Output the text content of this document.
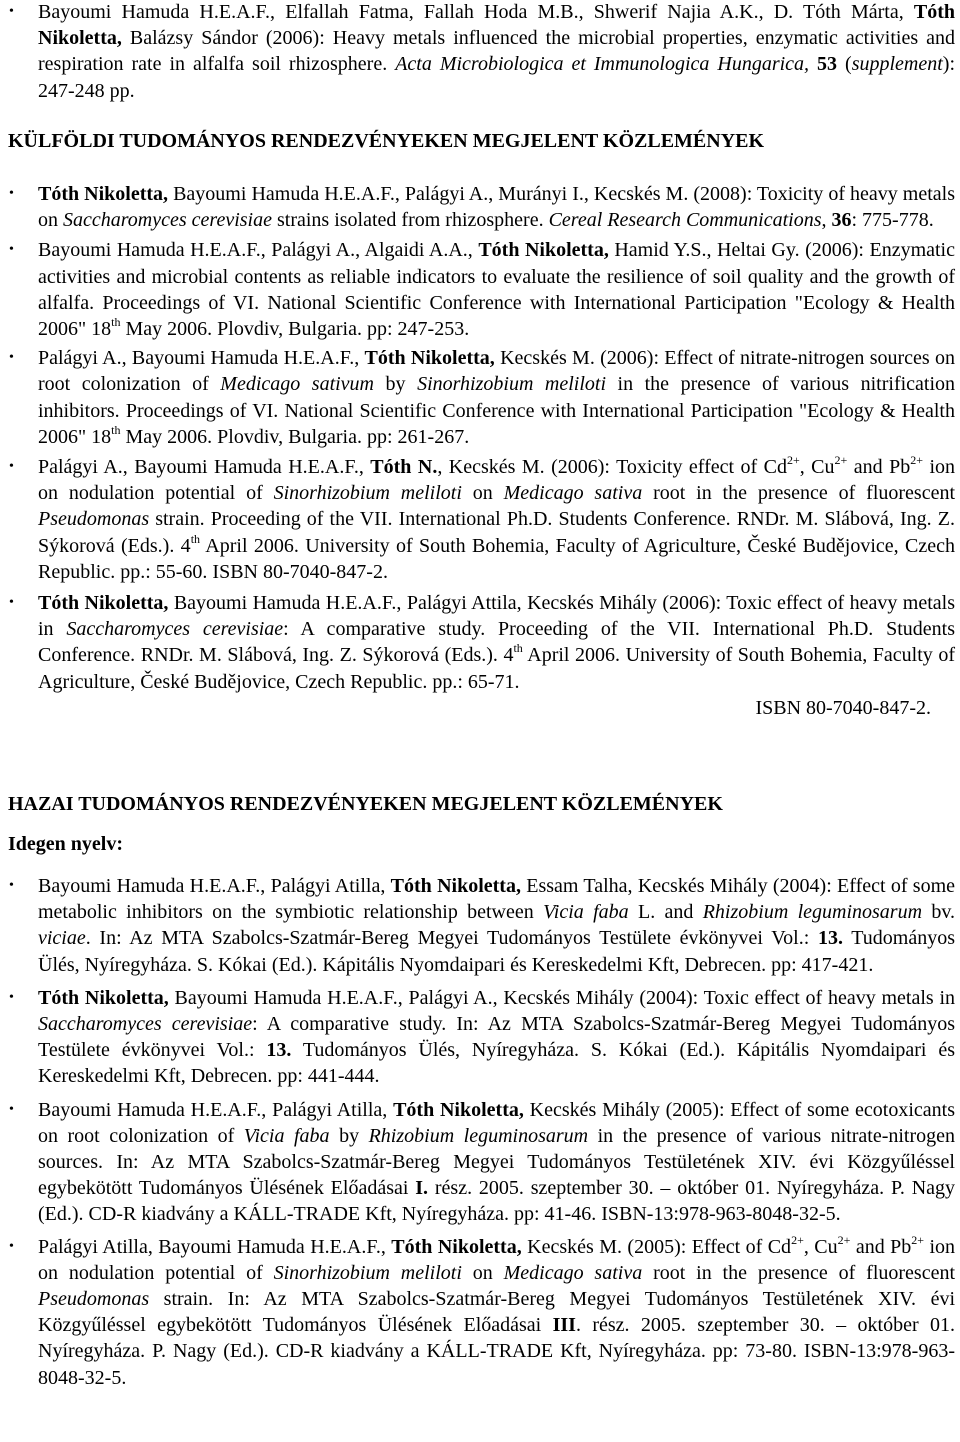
• Bayoumi Hamuda H.E.A.F., Elfallah Fatma, Fallah Hoda M.B., Shwerif Najia A.K., D. Tóth Márta, Tóth Nikoletta, Balázsy Sándor (2006): Heavy metals influenced the microbial properties, enzymatic activities and respiration rate in alfalfa soil rhizosphere. Acta Microbiologica et Immunologica Hungarica, 53 (supplement): 247-248 pp.

KÜLFÖLDI TUDOMÁNYOS RENDEZVÉNYEKEN MEGJELENT KÖZLEMÉNYEK
• Tóth Nikoletta, Bayoumi Hamuda H.E.A.F., Palágyi A., Murányi I., Kecskés M. (2008): Toxicity of heavy metals on Saccharomyces cerevisiae strains isolated from rhizosphere. Cereal Research Communications, 36: 775-778.
• Bayoumi Hamuda H.E.A.F., Palágyi A., Algaidi A.A., Tóth Nikoletta, Hamid Y.S., Heltai Gy. (2006): Enzymatic activities and microbial contents as reliable indicators to evaluate the resilience of soil quality and the growth of alfalfa. Proceedings of VI. National Scientific Conference with International Participation "Ecology & Health 2006" 18th May 2006. Plovdiv, Bulgaria. pp: 247-253.
• Palágyi A., Bayoumi Hamuda H.E.A.F., Tóth Nikoletta, Kecskés M. (2006): Effect of nitrate-nitrogen sources on root colonization of Medicago sativum by Sinorhizobium meliloti in the presence of various nitrification inhibitors. Proceedings of VI. National Scientific Conference with International Participation "Ecology & Health 2006" 18th May 2006. Plovdiv, Bulgaria. pp: 261-267.
• Palágyi A., Bayoumi Hamuda H.E.A.F., Tóth N., Kecskés M. (2006): Toxicity effect of $Cd^{2+}$, $Cu^{2+}$ and $Pb^{2+}$ ion on nodulation potential of Sinorhizobium meliloti on Medicago sativa root in the presence of fluorescent Pseudomonas strain. Proceeding of the VII. International Ph.D. Students Conference. RNDr. M. Slábová, Ing. Z. Sýkorová (Eds.). 4th April 2006. University of South Bohemia, Faculty of Agriculture, České Budějovice, Czech Republic. pp.: 55-60. ISBN 80-7040-847-2.
• Tóth Nikoletta, Bayoumi Hamuda H.E.A.F., Palágyi Attila, Kecskés Mihály (2006): Toxic effect of heavy metals in Saccharomyces cerevisiae: A comparative study. Proceeding of the VII. International Ph.D. Students Conference. RNDr. M. Slábová, Ing. Z. Sýkorová (Eds.). 4th April 2006. University of South Bohemia, Faculty of Agriculture, České Budějovice, Czech Republic. pp.: 65-71.
ISBN 80-7040-847-2.
HAZAI TUDOMÁNYOS RENDEZVÉNYEKEN MEGJELENT KÖZLEMÉNYEK
Idegen nyelv:
• Bayoumi Hamuda H.E.A.F., Palágyi Atilla, Tóth Nikoletta, Essam Talha, Kecskés Mihály (2004): Effect of some metabolic inhibitors on the symbiotic relationship between Vicia faba L. and Rhizobium leguminosarum bv. viciae. In: Az MTA Szabolcs-Szatmár-Bereg Megyei Tudományos Testülete évkönyvei Vol.: 13. Tudományos Ülés, Nyíregyháza. S. Kókai (Ed.). Kápitális Nyomdaipari és Kereskedelmi Kft, Debrecen. pp: 417-421.
• Tóth Nikoletta, Bayoumi Hamuda H.E.A.F., Palágyi A., Kecskés Mihály (2004): Toxic effect of heavy metals in Saccharomyces cerevisiae: A comparative study. In: Az MTA Szabolcs-Szatmár-Bereg Megyei Tudományos Testülete évkönyvei Vol.: 13. Tudományos Ülés, Nyíregyháza. S. Kókai (Ed.). Kápitális Nyomdaipari és Kereskedelmi Kft, Debrecen. pp: 441-444.
• Bayoumi Hamuda H.E.A.F., Palágyi Atilla, Tóth Nikoletta, Kecskés Mihály (2005): Effect of some ecotoxicants on root colonization of Vicia faba by Rhizobium leguminosarum in the presence of various nitrate-nitrogen sources. In: Az MTA Szabolcs-Szatmár-Bereg Megyei Tudományos Testületének XIV. évi Közgyűléssel egybekötött Tudományos Ülésének Előadásai I. rész. 2005. szeptember 30. – október 01. Nyíregyháza. P. Nagy (Ed.). CD-R kiadvány a KÁLL-TRADE Kft, Nyíregyháza. pp: 41-46. ISBN-13:978-963-8048-32-5.
• Palágyi Atilla, Bayoumi Hamuda H.E.A.F., Tóth Nikoletta, Kecskés M. (2005): Effect of $Cd^{2+}$, $Cu^{2+}$ and $Pb^{2+}$ ion on nodulation potential of Sinorhizobium meliloti on Medicago sativa root in the presence of fluorescent Pseudomonas strain. In: Az MTA Szabolcs-Szatmár-Bereg Megyei Tudományos Testületének XIV. évi Közgyűléssel egybekötött Tudományos Ülésének Előadásai III. rész. 2005. szeptember 30. – október 01. Nyíregyháza. P. Nagy (Ed.). CD-R kiadvány a KÁLL-TRADE Kft, Nyíregyháza. pp: 73-80. ISBN-13:978-963-8048-32-5.
